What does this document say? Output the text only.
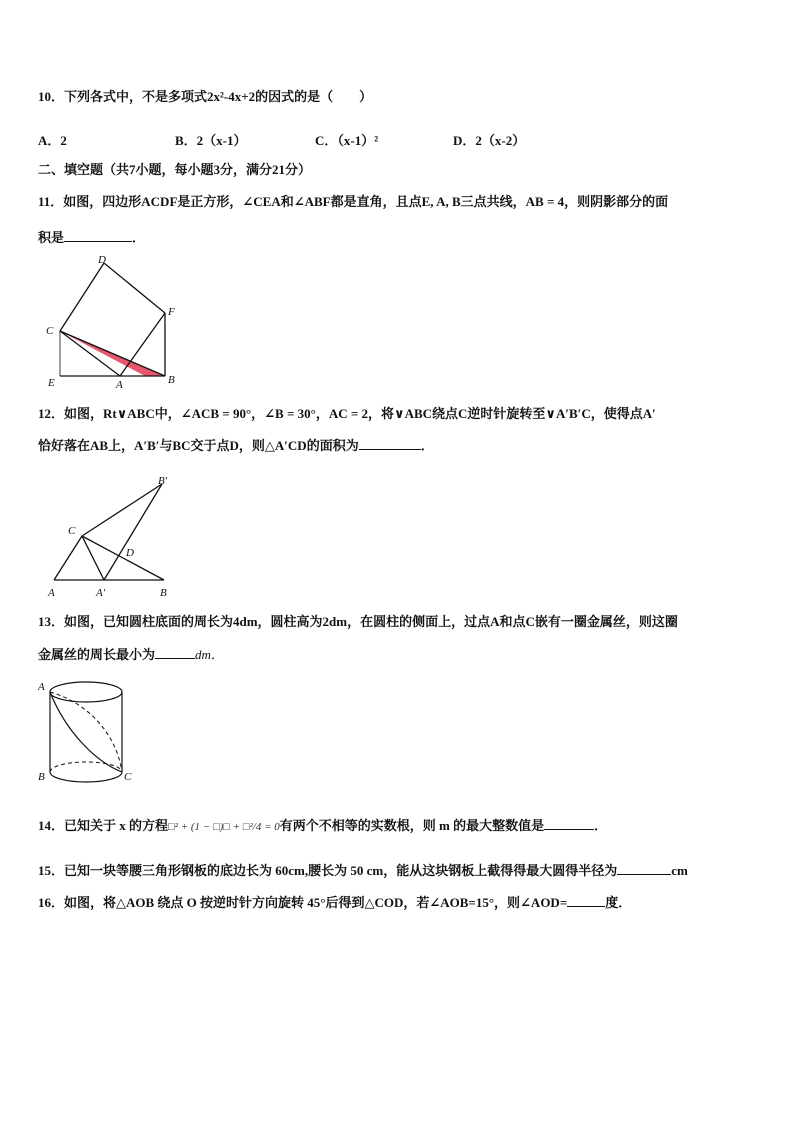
10．下列各式中，不是多项式2x²-4x+2的因式的是（　　）
A．2	B．2（x-1）	C．（x-1）²	D．2（x-2）
二、填空题（共7小题，每小题3分，满分21分）
11．如图，四边形ACDF是正方形，∠CEA和∠ABF都是直角，且点E, A, B三点共线，AB = 4，则阴影部分的面
积是	．
D
F
C
E	A	B
12．如图，Rt∨ABC中，∠ACB = 90°，∠B = 30°，AC = 2，将∨ABC绕点C逆时针旋转至∨A′B′C，使得点A′
恰好落在AB上，A′B′与BC交于点D，则△A′CD的面积为	．
B′
C
D
A	A′	B
13．如图，已知圆柱底面的周长为4dm，圆柱高为2dm，在圆柱的侧面上，过点A和点C嵌有一圈金属丝，则这圈
金属丝的周长最小为	dm．
A
B	C
14．已知关于 x 的方程□² + (1 − □)□ + □²/4 = 0有两个不相等的实数根，则 m 的最大整数值是	．
15．已知一块等腰三角形钢板的底边长为 60cm,腰长为 50 cm，能从这块钢板上截得得最大圆得半径为	cm
16．如图，将△AOB 绕点 O 按逆时针方向旋转 45°后得到△COD，若∠AOB=15°，则∠AOD=	度．
